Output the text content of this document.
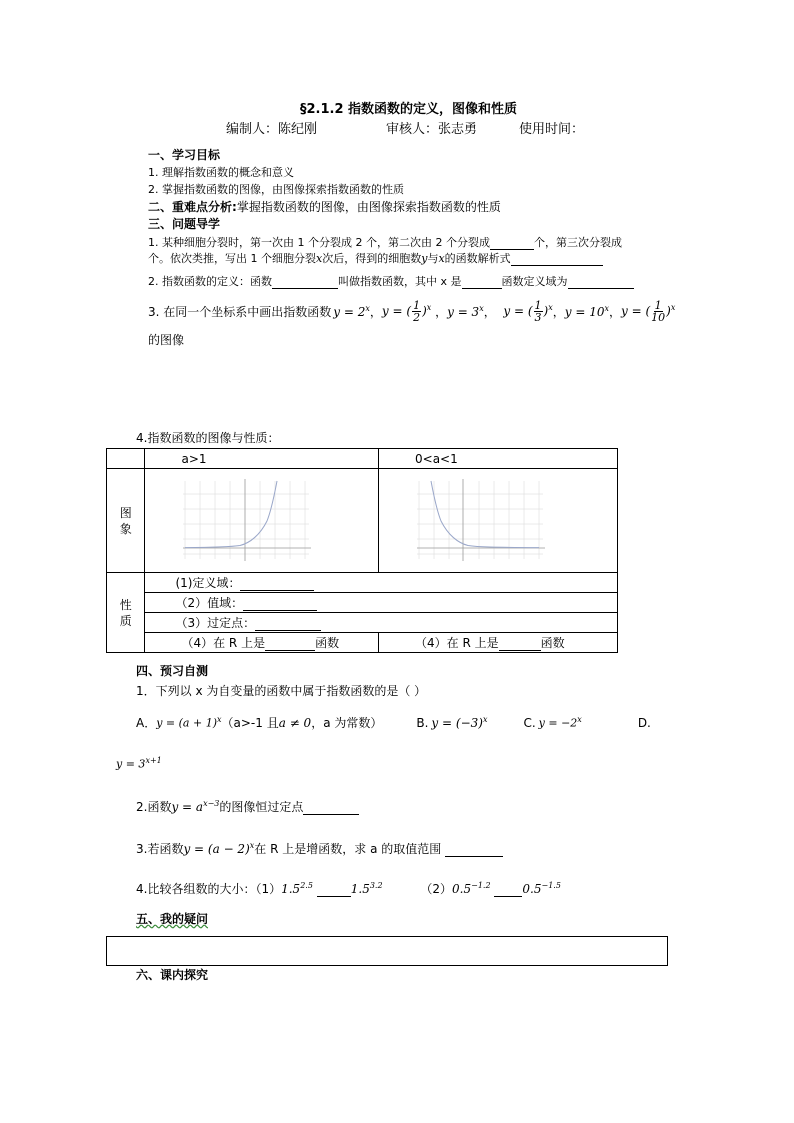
§2.1.2 指数函数的定义，图像和性质
编制人：陈纪刚	审核人：张志勇	使用时间：
一、学习目标
1. 理解指数函数的概念和意义
2. 掌握指数函数的图像，由图像探索指数函数的性质
二、重难点分析:掌握指数函数的图像，由图像探索指数函数的性质
三、问题导学
1. 某种细胞分裂时，第一次由 1 个分裂成 2 个，第二次由 2 个分裂成	个，第三次分裂成
个。依次类推，写出 1 个细胞分裂x次后，得到的细胞数y与x的函数解析式
2. 指数函数的定义：函数	叫做指数函数，其中 x 是	函数定义域为
3. 在同一个坐标系中画出指数函数 $y = 2^x$ ， y = ( $\frac{1}{2} )^x$ ， $y = 3^x$ ， y = ( $\frac{1}{3} )^x$ ， $y = 10^x$ ， y = ( $\frac{1}{10} )^x$
的图像
4.指数函数的图像与性质：
	a>1	0<a<1
图
象		
性
质	(1)定义域：	
	（2）值域：	
	（3）过定点：	
	（4）在 R 上是 函数	（4）在 R 上是 函数
四、预习自测
1．下列以 x 为自变量的函数中属于指数函数的是（ ）
A． $y = (a + 1)^x$ （a>-1 且 a ≠ 0 ，a 为常数）	B. $y = (-3)^x$	C. $y = -2^x$	D.
$y = 3^{x+1}$
2.函数$y = a^{x-3}$的图像恒过定点
3.若函数$y = (a - 2)^x$在 R 上是增函数，求 a 的取值范围
4.比较各组数的大小：$(1)1.5^{2.5}$	$1.5^{3.2}$	$(2)0.5^{-1.2}$	$0.5^{-1.5}$
五、我的疑问
六、课内探究
